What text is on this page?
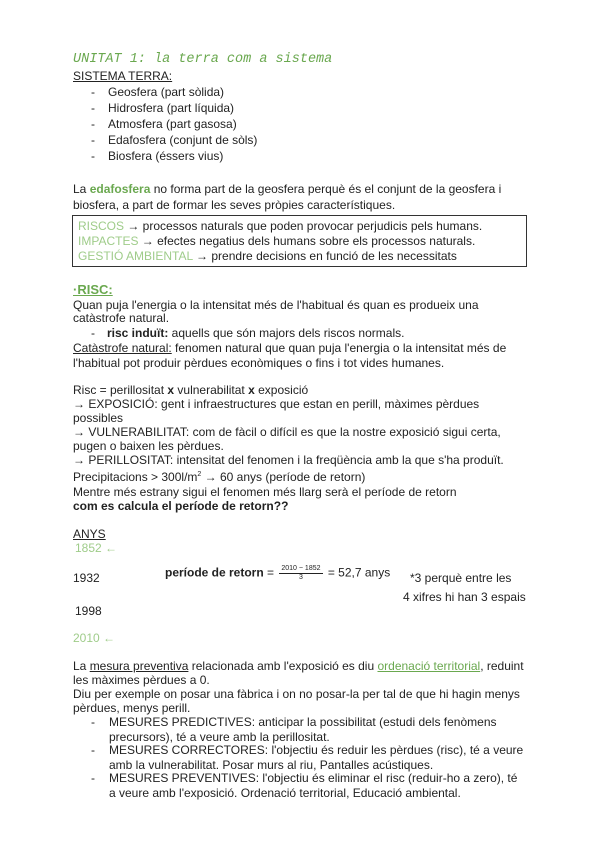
UNITAT 1: la terra com a sistema
SISTEMA TERRA:
- Geosfera (part sòlida)
- Hidrosfera (part líquida)
- Atmosfera (part gasosa)
- Edafosfera (conjunt de sòls)
- Biosfera (éssers vius)
La edafosfera no forma part de la geosfera perquè és el conjunt de la geosfera i
biosfera, a part de formar les seves pròpies característiques.
RISCOS → processos naturals que poden provocar perjudicis pels humans.
IMPACTES → efectes negatius dels humans sobre els processos naturals.
GESTIÓ AMBIENTAL → prendre decisions en funció de les necessitats
·RISC:
Quan puja l'energia o la intensitat més de l'habitual és quan es produeix una
catàstrofe natural.
- risc induït: aquells que són majors dels riscos normals.
Catàstrofe natural: fenomen natural que quan puja l'energia o la intensitat més de
l'habitual pot produir pèrdues econòmiques o fins i tot vides humanes.
Risc = perillositat x vulnerabilitat x exposició
→ EXPOSICIÓ: gent i infraestructures que estan en perill, màximes pèrdues
possibles
→ VULNERABILITAT: com de fàcil o difícil es que la nostre exposició sigui certa,
pugen o baixen les pèrdues.
→ PERILLOSITAT: intensitat del fenomen i la freqüència amb la que s'ha produït.
Precipitacions > $300l/m^2 \to 60$ anys (període de retorn)
Mentre més estrany sigui el fenomen més llarg serà el període de retorn
com es calcula el període de retorn??
ANYS
1852 ←
1932	període de retorn = $\frac{2010 - 1852}{3} = 52,7$ anys *3 perquè entre les
4 xifres hi han 3 espais
1998
2010 ←
La mesura preventiva relacionada amb l'exposició es diu ordenació territorial, reduint
les màximes pèrdues a 0.
Diu per exemple on posar una fàbrica i on no posar-la per tal de que hi hagin menys
pèrdues, menys perill.
- MESURES PREDICTIVES: anticipar la possibilitat (estudi dels fenòmens
precursors), té a veure amb la perillositat.
- MESURES CORRECTORES: l'objectiu és reduir les pèrdues (risc), té a veure
amb la vulnerabilitat. Posar murs al riu, Pantalles acústiques.
- MESURES PREVENTIVES: l'objectiu és eliminar el risc (reduir-ho a zero), té
a veure amb l'exposició. Ordenació territorial, Educació ambiental.
